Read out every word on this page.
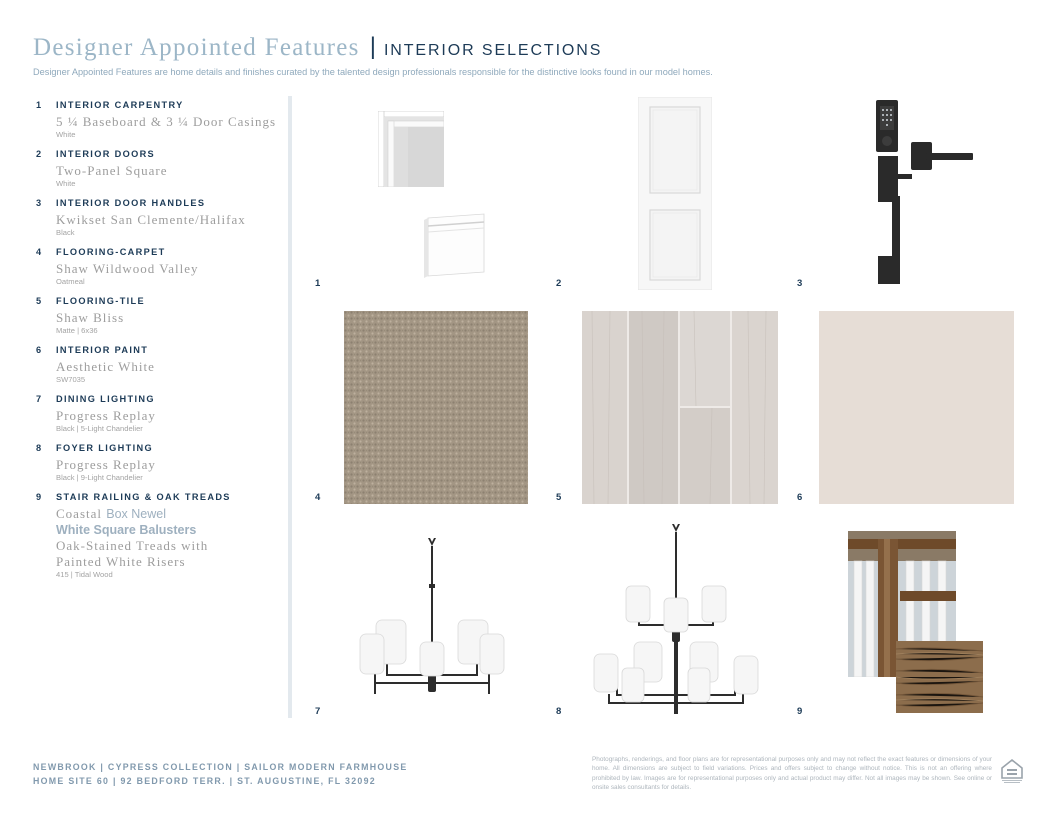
Designer Appointed Features | INTERIOR SELECTIONS
Designer Appointed Features are home details and finishes curated by the talented design professionals responsible for the distinctive looks found in our model homes.
1	INTERIOR CARPENTRY
5 ¼ Baseboard & 3 ¼ Door Casings
White
2	INTERIOR DOORS
Two-Panel Square
White
3	INTERIOR DOOR HANDLES
Kwikset San Clemente/Halifax
Black
4	FLOORING-CARPET
Shaw Wildwood Valley
Oatmeal
5	FLOORING-TILE
Shaw Bliss
Matte | 6x36
6	INTERIOR PAINT
Aesthetic White
SW7035
7	DINING LIGHTING
Progress Replay
Black | 5-Light Chandelier
8	FOYER LIGHTING
Progress Replay
Black | 9-Light Chandelier
9	STAIR RAILING & OAK TREADS
Coastal Box Newel
White Square Balusters
Oak-Stained Treads with
Painted White Risers
415 | Tidal Wood
1	2	3
4	5	6
7	8	9
NEWBROOK | CYPRESS COLLECTION | SAILOR MODERN FARMHOUSE
HOME SITE 60 | 92 BEDFORD TERR. | ST. AUGUSTINE, FL 32092
Photographs, renderings, and floor plans are for representational purposes only and may not reflect the exact features or dimensions of your home. All dimensions are subject to field variations. Prices and offers subject to change without notice. This is not an offering where prohibited by law. Images are for representational purposes only and actual product may differ. Not all images may be shown. See online or onsite sales consultants for details.
